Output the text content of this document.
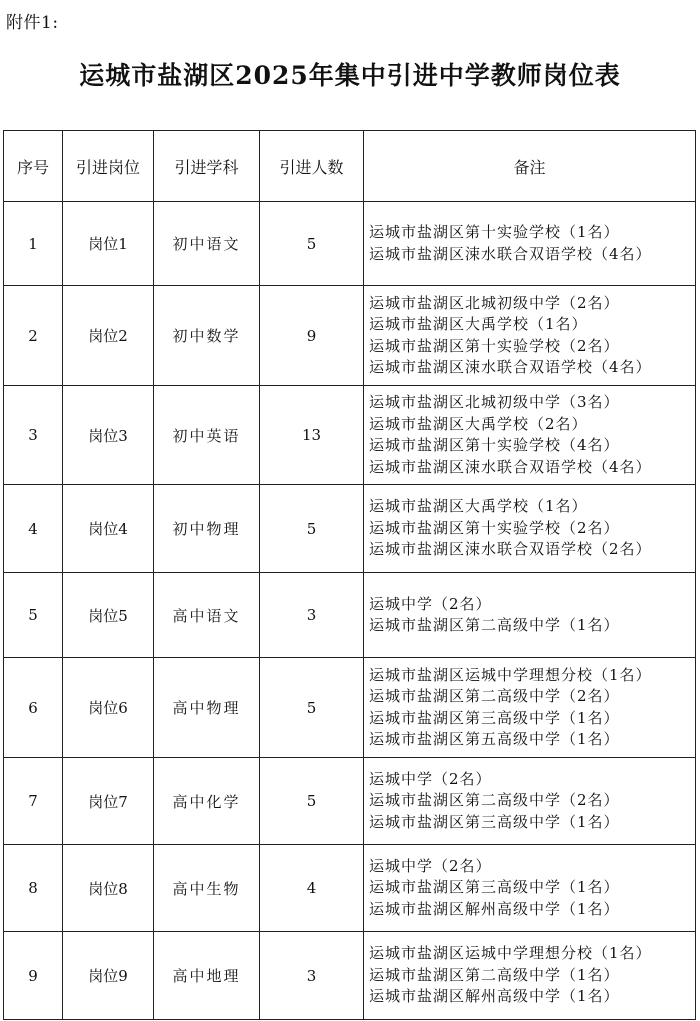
附件1:
运城市盐湖区2025年集中引进中学教师岗位表
序号	引进岗位	引进学科	引进人数	备注
1	岗位1	初中语文	5	运城市盐湖区第十实验学校（1名）
运城市盐湖区涑水联合双语学校（4名）

2	岗位2	初中数学	9	运城市盐湖区北城初级中学（2名）
运城市盐湖区大禹学校（1名）
运城市盐湖区第十实验学校（2名）
运城市盐湖区涑水联合双语学校（4名）

3	岗位3	初中英语	13	运城市盐湖区北城初级中学（3名）
运城市盐湖区大禹学校（2名）
运城市盐湖区第十实验学校（4名）
运城市盐湖区涑水联合双语学校（4名）

4	岗位4	初中物理	5	运城市盐湖区大禹学校（1名）
运城市盐湖区第十实验学校（2名）
运城市盐湖区涑水联合双语学校（2名）

5	岗位5	高中语文	3	运城中学（2名）
运城市盐湖区第二高级中学（1名）

6	岗位6	高中物理	5	运城市盐湖区运城中学理想分校（1名）
运城市盐湖区第二高级中学（2名）
运城市盐湖区第三高级中学（1名）
运城市盐湖区第五高级中学（1名）

7	岗位7	高中化学	5	运城中学（2名）
运城市盐湖区第二高级中学（2名）
运城市盐湖区第三高级中学（1名）

8	岗位8	高中生物	4	运城中学（2名）
运城市盐湖区第三高级中学（1名）
运城市盐湖区解州高级中学（1名）

9	岗位9	高中地理	3	运城市盐湖区运城中学理想分校（1名）
运城市盐湖区第二高级中学（1名）
运城市盐湖区解州高级中学（1名）
